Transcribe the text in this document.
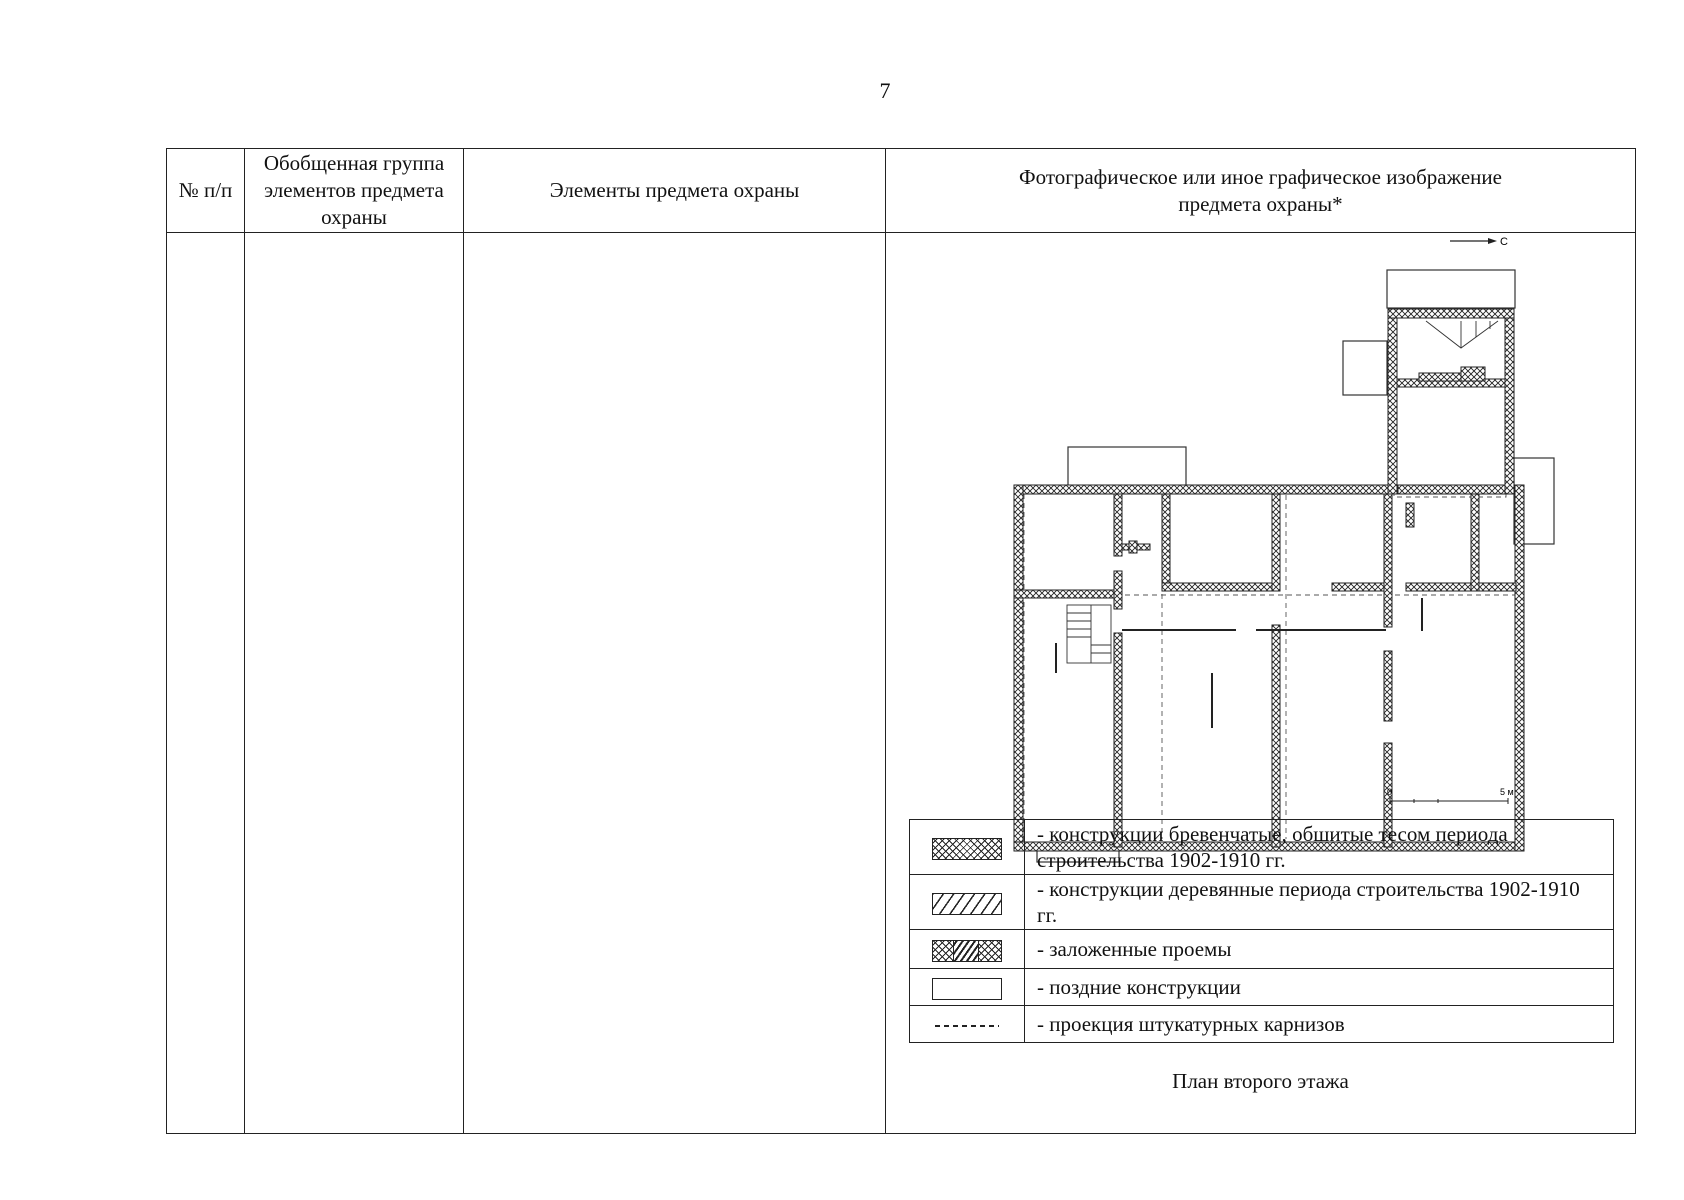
7
№ п/п	Обобщенная группа элементов предмета охраны	Элементы предмета охраны	Фотографическое или иное графическое изображение предмета охраны*

С
0	5 м
	- конструкции бревенчатые, обшитые тесом периода строительства 1902-1910 гг.
	- конструкции деревянные периода строительства 1902-1910 гг.
	- заложенные проемы
	- поздние конструкции
	- проекция штукатурных карнизов
План второго этажа
